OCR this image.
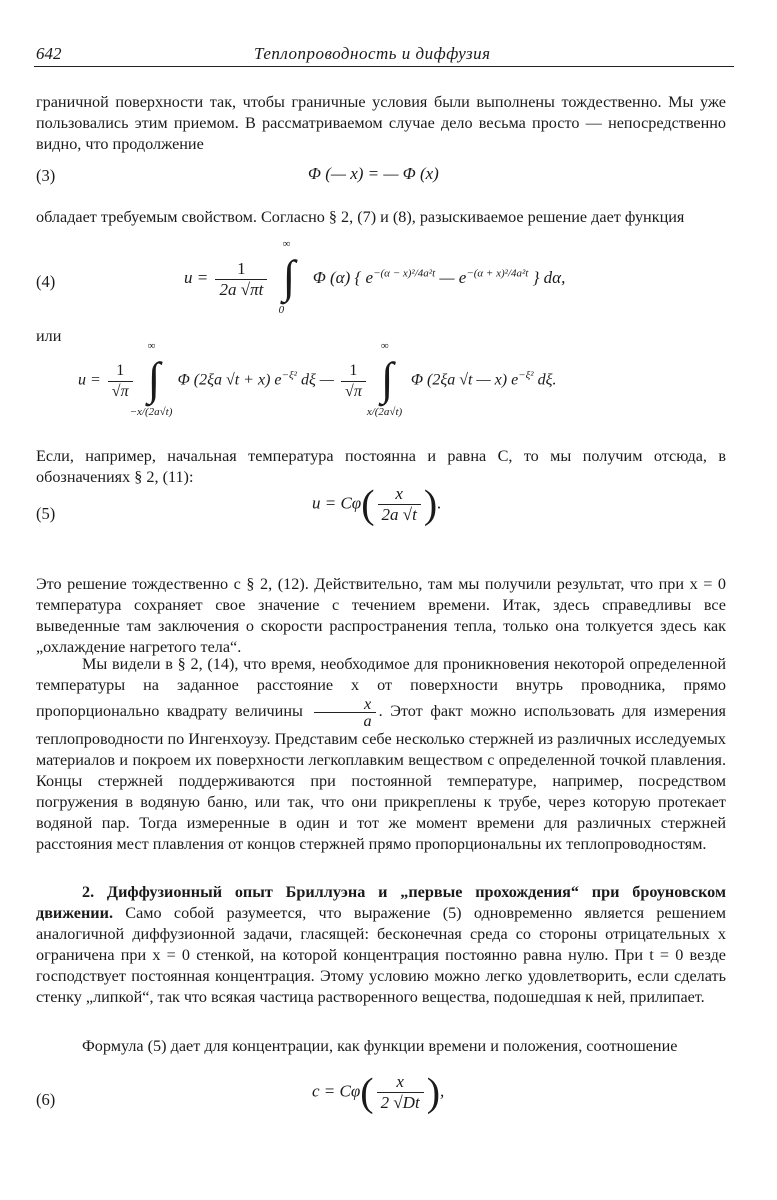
642	Теплопроводность и диффузия
граничной поверхности так, чтобы граничные условия были выполнены тождественно. Мы уже пользовались этим приемом. В рассматриваемом случае дело весьма просто — непосредственно видно, что продолжение
(3)	Φ (— x) = — Φ (x)
обладает требуемым свойством. Согласно § 2, (7) и (8), разыскиваемое решение дает функция
(4)	$u = \frac{1}{2a √\pi t}$

∞
∫
0
Φ (α) { $e^{-(\alpha - x)^2/4a^2t}$ — $e^{-(\alpha + x)^2/4a^2t}$ } dα,
или
$u = \frac{1}{√\pi}$

∞
∫
−x/(2a√t)
Φ (2ξa √t + x) $e^{-\xi^2}$ dξ — $\frac{1}{√\pi}$

∞
∫
x/(2a√t)
Φ (2ξa √t — x) $e^{-\xi^2}$ dξ.
Если, например, начальная температура постоянна и равна C, то мы получим отсюда, в обозначениях § 2, (11):
(5)
$u = C\varphi( \frac{x}{2a √t}$ ).
Это решение тождественно с § 2, (12). Действительно, там мы получили результат, что при x = 0 температура сохраняет свое значение с течением времени. Итак, здесь справедливы все выведенные там заключения о скорости распространения тепла, только она толкуется здесь как „охлаждение нагретого тела“.
Мы видели в § 2, (14), что время, необходимое для проникновения некоторой определенной температуры на заданное расстояние x от поверхности внутрь проводника, прямо пропорционально квадрату величины $\frac{x}{a}$ . Этот факт можно использовать для измерения теплопроводности по Ингенхоузу. Представим себе несколько стержней из различных исследуемых материалов и покроем их поверхности легкоплавким веществом с определенной точкой плавления. Концы стержней поддерживаются при постоянной температуре, например, посредством погружения в водяную баню, или так, что они прикреплены к трубе, через которую протекает водяной пар. Тогда измеренные в один и тот же момент времени для различных стержней расстояния мест плавления от концов стержней прямо пропорциональны их теплопроводностям.
2. Диффузионный опыт Бриллуэна и „первые прохождения“ при броуновском движении. Само собой разумеется, что выражение (5) одновременно является решением аналогичной диффузионной задачи, гласящей: бесконечная среда со стороны отрицательных x ограничена при x = 0 стенкой, на которой концентрация постоянно равна нулю. При t = 0 везде господствует постоянная концентрация. Этому условию можно легко удовлетворить, если сделать стенку „липкой“, так что всякая частица растворенного вещества, подошедшая к ней, прилипает.
Формула (5) дает для концентрации, как функции времени и положения, соотношение
(6)	$c = C\varphi( \frac{x}{2 √Dt}$ ),
